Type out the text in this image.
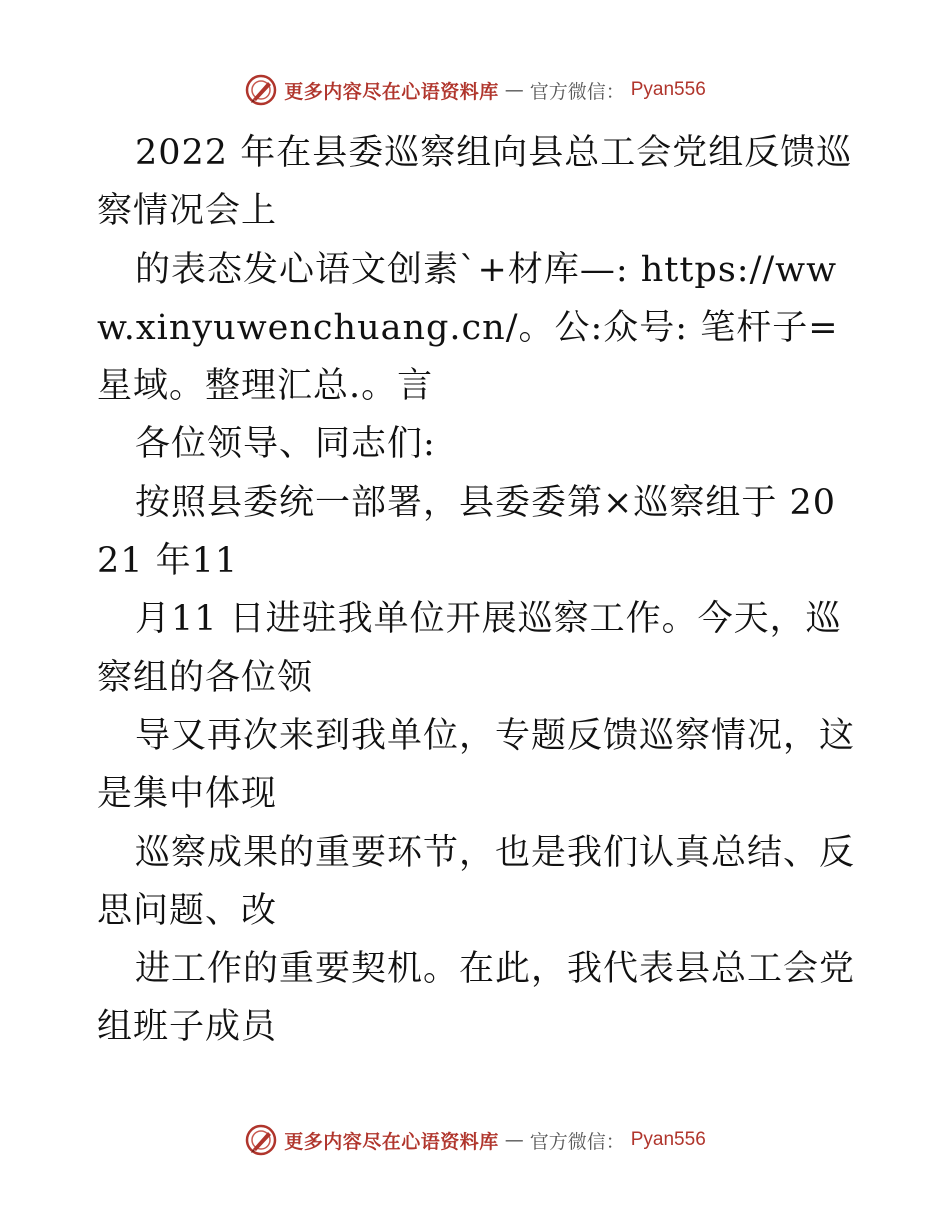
更多内容尽在心语资料库 — 官方微信： Pyan556

2022 年在县委巡察组向县总工会党组反馈巡察情况会上

的表态发心语文创素`+材库—: https://www.xinyuwenchuang.cn/。公:众号: 笔杆子=星域。整理汇总.。言

各位领导、同志们:

按照县委统一部署，县委委第×巡察组于 2021 年11

月11 日进驻我单位开展巡察工作。今天，巡察组的各位领

导又再次来到我单位，专题反馈巡察情况，这是集中体现

巡察成果的重要环节，也是我们认真总结、反思问题、改

进工作的重要契机。在此，我代表县总工会党组班子成员

更多内容尽在心语资料库 — 官方微信： Pyan556
